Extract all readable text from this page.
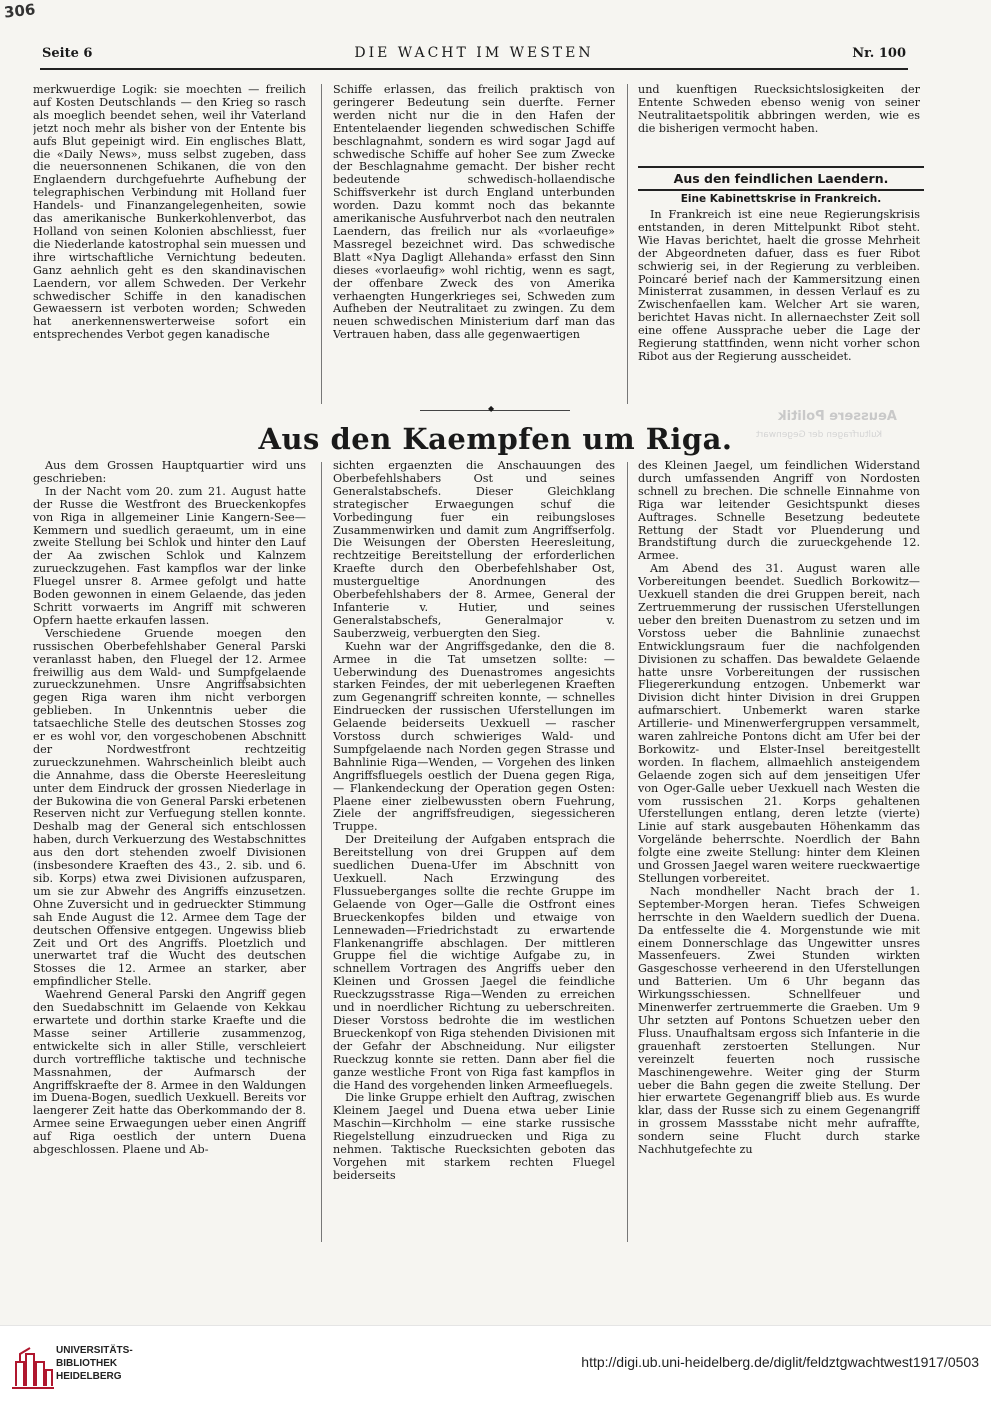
306
Seite 6	DIE WACHT IM WESTEN	Nr. 100

merkwuerdige Logik: sie moechten — freilich auf Kosten Deutschlands — den Krieg so rasch als moeglich beendet sehen, weil ihr Vaterland jetzt noch mehr als bisher von der Entente bis aufs Blut gepeinigt wird. Ein englisches Blatt, die «Daily News», muss selbst zugeben, dass die neuersonnenen Schikanen, die von den Englaendern durchgefuehrte Aufhebung der telegraphischen Verbindung mit Holland fuer Handels- und Finanzangelegenheiten, sowie das amerikanische Bunkerkohlenverbot, das Holland von seinen Kolonien abschliesst, fuer die Niederlande katostrophal sein muessen und ihre wirtschaftliche Vernichtung bedeuten. Ganz aehnlich geht es den skandinavischen Laendern, vor allem Schweden. Der Verkehr schwedischer Schiffe in den kanadischen Gewaessern ist verboten worden; Schweden hat anerkennenswerterweise sofort ein entsprechendes Verbot gegen kanadische

Schiffe erlassen, das freilich praktisch von geringerer Bedeutung sein duerfte. Ferner werden nicht nur die in den Hafen der Ententelaender liegenden schwedischen Schiffe beschlagnahmt, sondern es wird sogar Jagd auf schwedische Schiffe auf hoher See zum Zwecke der Beschlagnahme gemacht. Der bisher recht bedeutende schwedisch-hollaendische Schiffsverkehr ist durch England unterbunden worden. Dazu kommt noch das bekannte amerikanische Ausfuhrverbot nach den neutralen Laendern, das freilich nur als «vorlaeufige» Massregel bezeichnet wird. Das schwedische Blatt «Nya Dagligt Allehanda» erfasst den Sinn dieses «vorlaeufig» wohl richtig, wenn es sagt, der offenbare Zweck des von Amerika verhaengten Hungerkrieges sei, Schweden zum Aufheben der Neutralitaet zu zwingen. Zu dem neuen schwedischen Ministerium darf man das Vertrauen haben, dass alle gegenwaertigen

und kuenftigen Ruecksichtslosigkeiten der Entente Schweden ebenso wenig von seiner Neutralitaetspolitik abbringen werden, wie es die bisherigen vermocht haben.

Aus den feindlichen Laendern.
Eine Kabinettskrise in Frankreich.

In Frankreich ist eine neue Regierungskrisis entstanden, in deren Mittelpunkt Ribot steht. Wie Havas berichtet, haelt die grosse Mehrheit der Abgeordneten dafuer, dass es fuer Ribot schwierig sei, in der Regierung zu verbleiben. Poincaré berief nach der Kammersitzung einen Ministerrat zusammen, in dessen Verlauf es zu Zwischenfaellen kam. Welcher Art sie waren, berichtet Havas nicht. In allernaechster Zeit soll eine offene Aussprache ueber die Lage der Regierung stattfinden, wenn nicht vorher schon Ribot aus der Regierung ausscheidet.

◆
Aeussere Politik
Kulturfragen der Gegenwart
Aus den Kaempfen um Riga.

Aus dem Grossen Hauptquartier wird uns geschrieben:

In der Nacht vom 20. zum 21. August hatte der Russe die Westfront des Brueckenkopfes von Riga in allgemeiner Linie Kangern-See—Kemmern und suedlich geraeumt, um in eine zweite Stellung bei Schlok und hinter den Lauf der Aa zwischen Schlok und Kalnzem zurueckzugehen. Fast kampflos war der linke Fluegel unsrer 8. Armee gefolgt und hatte Boden gewonnen in einem Gelaende, das jeden Schritt vorwaerts im Angriff mit schweren Opfern haette erkaufen lassen.

Verschiedene Gruende moegen den russischen Oberbefehlshaber General Parski veranlasst haben, den Fluegel der 12. Armee freiwillig aus dem Wald- und Sumpfgelaende zurueckzunehmen. Unsre Angriffsabsichten gegen Riga waren ihm nicht verborgen geblieben. In Unkenntnis ueber die tatsaechliche Stelle des deutschen Stosses zog er es wohl vor, den vorgeschobenen Abschnitt der Nordwestfront rechtzeitig zurueckzunehmen. Wahrscheinlich bleibt auch die Annahme, dass die Oberste Heeresleitung unter dem Eindruck der grossen Niederlage in der Bukowina die von General Parski erbetenen Reserven nicht zur Verfuegung stellen konnte. Deshalb mag der General sich entschlossen haben, durch Verkuerzung des Westabschnittes aus den dort stehenden zwoelf Divisionen (insbesondere Kraeften des 43., 2. sib. und 6. sib. Korps) etwa zwei Divisionen aufzusparen, um sie zur Abwehr des Angriffs einzusetzen. Ohne Zuversicht und in gedrueckter Stimmung sah Ende August die 12. Armee dem Tage der deutschen Offensive entgegen. Ungewiss blieb Zeit und Ort des Angriffs. Ploetzlich und unerwartet traf die Wucht des deutschen Stosses die 12. Armee an starker, aber empfindlicher Stelle.

Waehrend General Parski den Angriff gegen den Suedabschnitt im Gelaende von Kekkau erwartete und dorthin starke Kraefte und die Masse seiner Artillerie zusammenzog, entwickelte sich in aller Stille, verschleiert durch vortreffliche taktische und technische Massnahmen, der Aufmarsch der Angriffskraefte der 8. Armee in den Waldungen im Duena-Bogen, suedlich Uexkuell. Bereits vor laengerer Zeit hatte das Oberkommando der 8. Armee seine Erwaegungen ueber einen Angriff auf Riga oestlich der untern Duena abgeschlossen. Plaene und Ab-

sichten ergaenzten die Anschauungen des Oberbefehlshabers Ost und seines Generalstabschefs. Dieser Gleichklang strategischer Erwaegungen schuf die Vorbedingung fuer ein reibungsloses Zusammenwirken und damit zum Angriffserfolg. Die Weisungen der Obersten Heeresleitung, rechtzeitige Bereitstellung der erforderlichen Kraefte durch den Oberbefehlshaber Ost, mustergueltige Anordnungen des Oberbefehlshabers der 8. Armee, General der Infanterie v. Hutier, und seines Generalstabschefs, Generalmajor v. Sauberzweig, verbuergten den Sieg.

Kuehn war der Angriffsgedanke, den die 8. Armee in die Tat umsetzen sollte: — Ueberwindung des Duenastromes angesichts starken Feindes, der mit ueberlegenen Kraeften zum Gegenangriff schreiten konnte, — schnelles Eindruecken der russischen Uferstellungen im Gelaende beiderseits Uexkuell — rascher Vorstoss durch schwieriges Wald- und Sumpfgelaende nach Norden gegen Strasse und Bahnlinie Riga—Wenden, — Vorgehen des linken Angriffsfluegels oestlich der Duena gegen Riga, — Flankendeckung der Operation gegen Osten: Plaene einer zielbewussten obern Fuehrung, Ziele der angriffsfreudigen, siegessicheren Truppe.

Der Dreiteilung der Aufgaben entsprach die Bereitstellung von drei Gruppen auf dem suedlichen Duena-Ufer im Abschnitt von Uexkuell. Nach Erzwingung des Flussueberganges sollte die rechte Gruppe im Gelaende von Oger—Galle die Ostfront eines Brueckenkopfes bilden und etwaige von Lennewaden—Friedrichstadt zu erwartende Flankenangriffe abschlagen. Der mittleren Gruppe fiel die wichtige Aufgabe zu, in schnellem Vortragen des Angriffs ueber den Kleinen und Grossen Jaegel die feindliche Rueckzugsstrasse Riga—Wenden zu erreichen und in noerdlicher Richtung zu ueberschreiten. Dieser Vorstoss bedrohte die im westlichen Brueckenkopf von Riga stehenden Divisionen mit der Gefahr der Abschneidung. Nur eiligster Rueckzug konnte sie retten. Dann aber fiel die ganze westliche Front von Riga fast kampflos in die Hand des vorgehenden linken Armeefluegels.

Die linke Gruppe erhielt den Auftrag, zwischen Kleinem Jaegel und Duena etwa ueber Linie Maschin—Kirchholm — eine starke russische Riegelstellung einzudruecken und Riga zu nehmen. Taktische Ruecksichten geboten das Vorgehen mit starkem rechten Fluegel beiderseits

des Kleinen Jaegel, um feindlichen Widerstand durch umfassenden Angriff von Nordosten schnell zu brechen. Die schnelle Einnahme von Riga war leitender Gesichtspunkt dieses Auftrages. Schnelle Besetzung bedeutete Rettung der Stadt vor Pluenderung und Brandstiftung durch die zurueckgehende 12. Armee.

Am Abend des 31. August waren alle Vorbereitungen beendet. Suedlich Borkowitz—Uexkuell standen die drei Gruppen bereit, nach Zertruemmerung der russischen Uferstellungen ueber den breiten Duenastrom zu setzen und im Vorstoss ueber die Bahnlinie zunaechst Entwicklungsraum fuer die nachfolgenden Divisionen zu schaffen. Das bewaldete Gelaende hatte unsre Vorbereitungen der russischen Fliegererkundung entzogen. Unbemerkt war Division dicht hinter Division in drei Gruppen aufmarschiert. Unbemerkt waren starke Artillerie- und Minenwerfergruppen versammelt, waren zahlreiche Pontons dicht am Ufer bei der Borkowitz- und Elster-Insel bereitgestellt worden. In flachem, allmaehlich ansteigendem Gelaende zogen sich auf dem jenseitigen Ufer von Oger-Galle ueber Uexkuell nach Westen die vom russischen 21. Korps gehaltenen Uferstellungen entlang, deren letzte (vierte) Linie auf stark ausgebauten Höhenkamm das Vorgelände beherrschte. Noerdlich der Bahn folgte eine zweite Stellung: hinter dem Kleinen und Grossen Jaegel waren weitere rueckwaertige Stellungen vorbereitet.

Nach mondheller Nacht brach der 1. September-Morgen heran. Tiefes Schweigen herrschte in den Waeldern suedlich der Duena. Da entfesselte die 4. Morgenstunde wie mit einem Donnerschlage das Ungewitter unsres Massenfeuers. Zwei Stunden wirkten Gasgeschosse verheerend in den Uferstellungen und Batterien. Um 6 Uhr begann das Wirkungsschiessen. Schnellfeuer und Minenwerfer zertruemmerte die Graeben. Um 9 Uhr setzten auf Pontons Schuetzen ueber den Fluss. Unaufhaltsam ergoss sich Infanterie in die grauenhaft zerstoerten Stellungen. Nur vereinzelt feuerten noch russische Maschinengewehre. Weiter ging der Sturm ueber die Bahn gegen die zweite Stellung. Der hier erwartete Gegenangriff blieb aus. Es wurde klar, dass der Russe sich zu einem Gegenangriff in grossem Massstabe nicht mehr aufraffte, sondern seine Flucht durch starke Nachhutgefechte zu

UNIVERSITÄTS-
BIBLIOTHEK
HEIDELBERG
http://digi.ub.uni-heidelberg.de/diglit/feldztgwachtwest1917/0503
